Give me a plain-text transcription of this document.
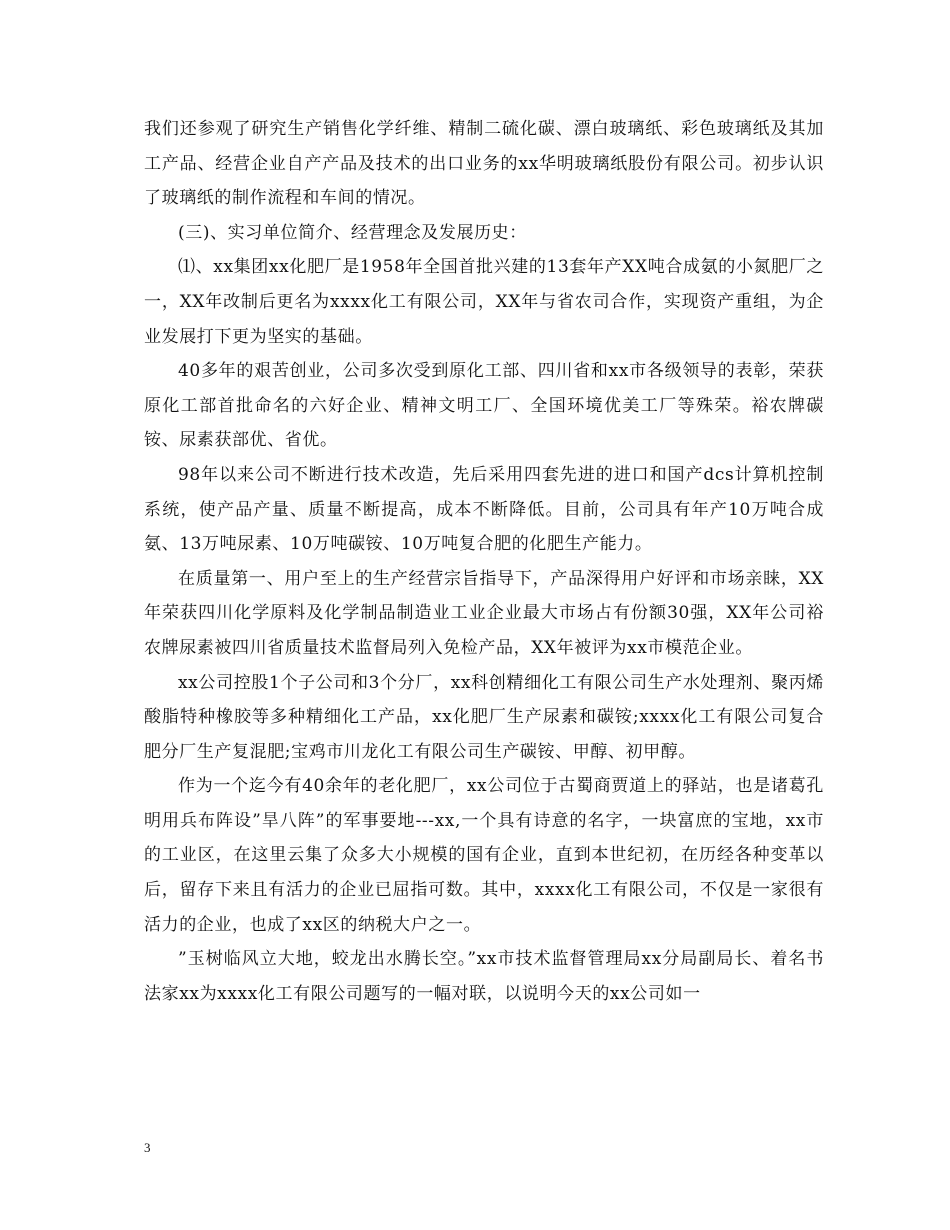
我们还参观了研究生产销售化学纤维、精制二硫化碳、漂白玻璃纸、彩色玻璃纸及其加工产品、经营企业自产产品及技术的出口业务的xx华明玻璃纸股份有限公司。初步认识了玻璃纸的制作流程和车间的情况。

(三)、实习单位简介、经营理念及发展历史：

⑴、xx集团xx化肥厂是1958年全国首批兴建的13套年产XX吨合成氨的小氮肥厂之一，XX年改制后更名为xxxx化工有限公司，XX年与省农司合作，实现资产重组，为企业发展打下更为坚实的基础。

40多年的艰苦创业，公司多次受到原化工部、四川省和xx市各级领导的表彰，荣获原化工部首批命名的六好企业、精神文明工厂、全国环境优美工厂等殊荣。裕农牌碳铵、尿素获部优、省优。

98年以来公司不断进行技术改造，先后采用四套先进的进口和国产dcs计算机控制系统，使产品产量、质量不断提高，成本不断降低。目前，公司具有年产10万吨合成氨、13万吨尿素、10万吨碳铵、10万吨复合肥的化肥生产能力。

在质量第一、用户至上的生产经营宗旨指导下，产品深得用户好评和市场亲睐，XX年荣获四川化学原料及化学制品制造业工业企业最大市场占有份额30强，XX年公司裕农牌尿素被四川省质量技术监督局列入免检产品，XX年被评为xx市模范企业。

xx公司控股1个子公司和3个分厂，xx科创精细化工有限公司生产水处理剂、聚丙烯酸脂特种橡胶等多种精细化工产品，xx化肥厂生产尿素和碳铵;xxxx化工有限公司复合肥分厂生产复混肥;宝鸡市川龙化工有限公司生产碳铵、甲醇、初甲醇。

作为一个迄今有40余年的老化肥厂，xx公司位于古蜀商贾道上的驿站，也是诸葛孔明用兵布阵设”旱八阵”的军事要地---xx,一个具有诗意的名字，一块富庶的宝地，xx市的工业区，在这里云集了众多大小规模的国有企业，直到本世纪初，在历经各种变革以后，留存下来且有活力的企业已屈指可数。其中，xxxx化工有限公司，不仅是一家很有活力的企业，也成了xx区的纳税大户之一。

”玉树临风立大地，蛟龙出水腾长空。”xx市技术监督管理局xx分局副局长、着名书法家xx为xxxx化工有限公司题写的一幅对联，以说明今天的xx公司如一

3
